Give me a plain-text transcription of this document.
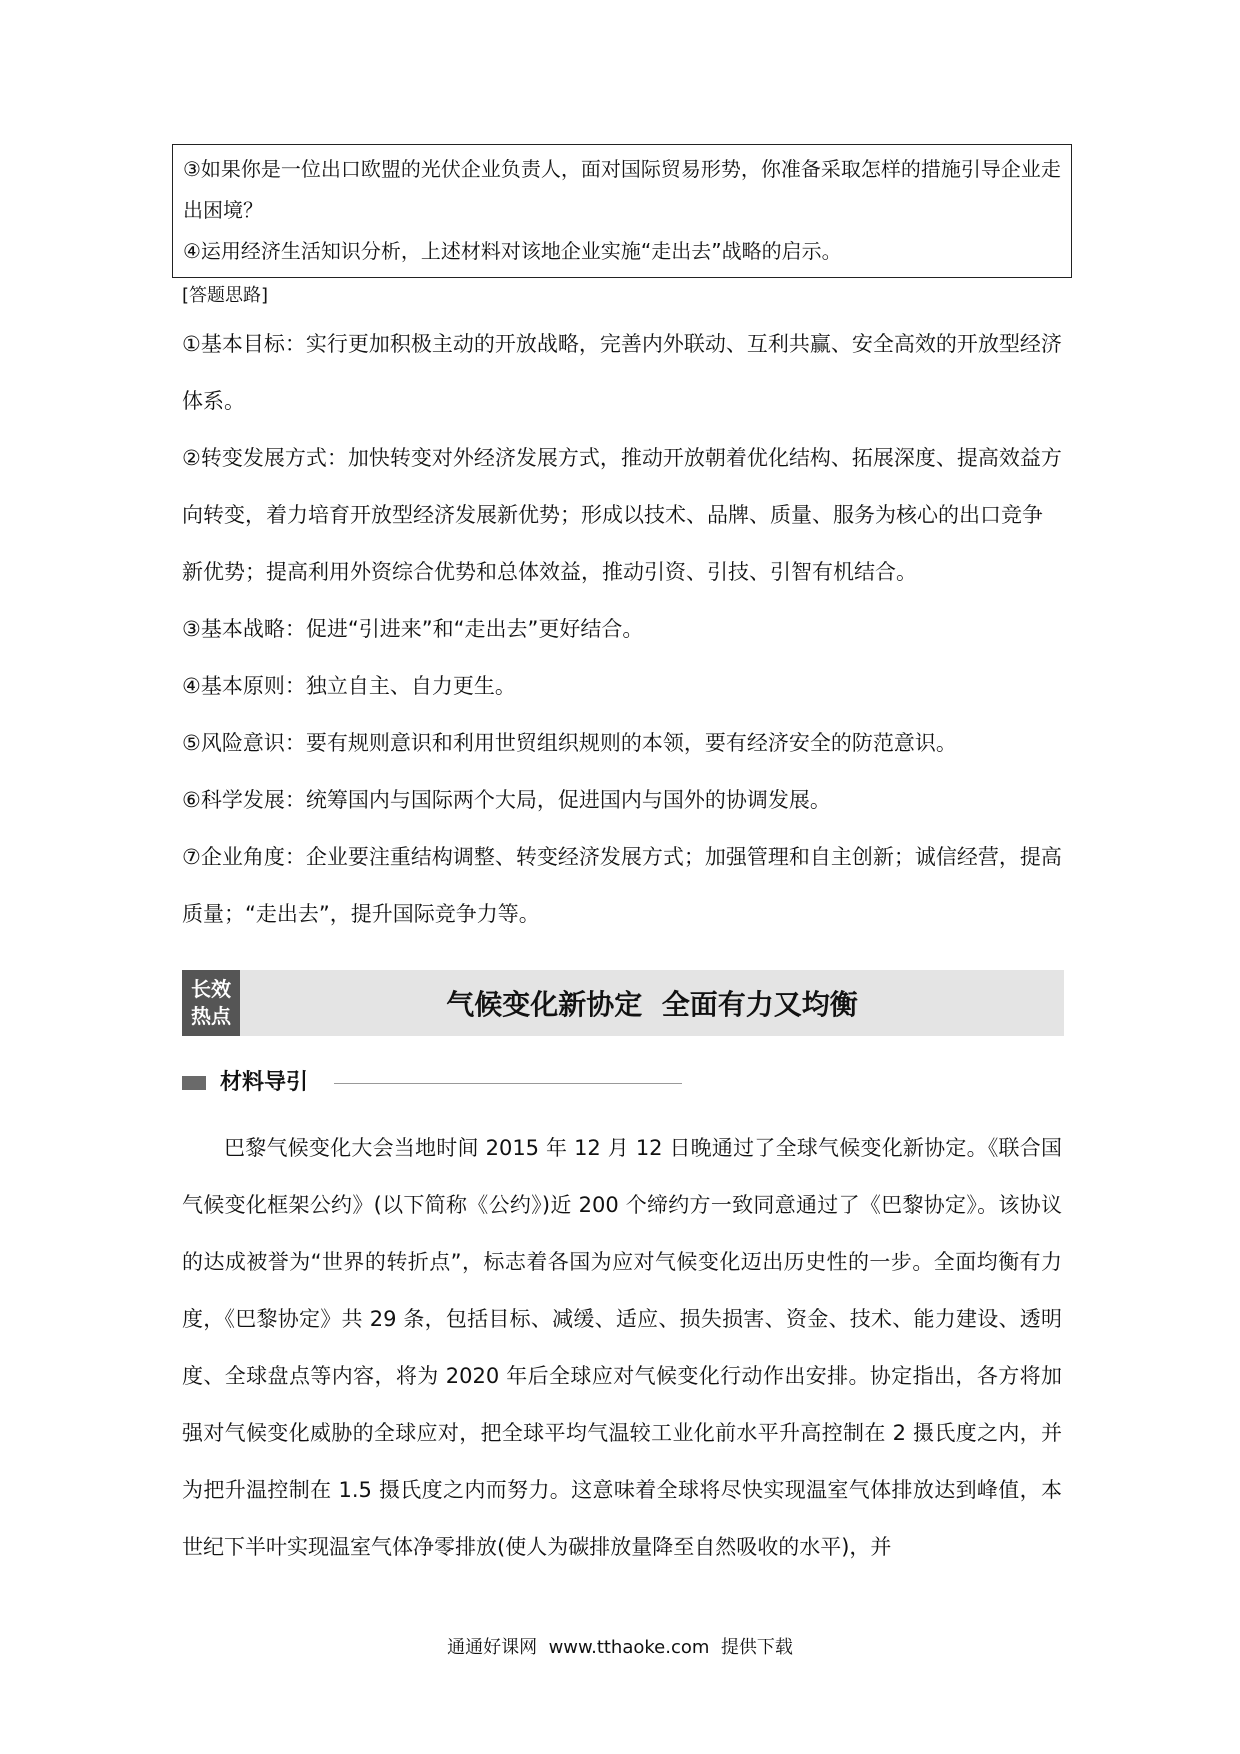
③如果你是一位出口欧盟的光伏企业负责人，面对国际贸易形势，你准备采取怎样的措施引导企业走出困境？

④运用经济生活知识分析，上述材料对该地企业实施“走出去”战略的启示。

[答题思路]

①基本目标：实行更加积极主动的开放战略，完善内外联动、互利共赢、安全高效的开放型经济体系。

②转变发展方式：加快转变对外经济发展方式，推动开放朝着优化结构、拓展深度、提高效益方向转变，着力培育开放型经济发展新优势；形成以技术、品牌、质量、服务为核心的出口竞争新优势；提高利用外资综合优势和总体效益，推动引资、引技、引智有机结合。

③基本战略：促进“引进来”和“走出去”更好结合。

④基本原则：独立自主、自力更生。

⑤风险意识：要有规则意识和利用世贸组织规则的本领，要有经济安全的防范意识。

⑥科学发展：统筹国内与国际两个大局，促进国内与国外的协调发展。

⑦企业角度：企业要注重结构调整、转变经济发展方式；加强管理和自主创新；诚信经营，提高质量；“走出去”，提升国际竞争力等。

长效
热点	气候变化新协定  全面有力又均衡
材料导引

巴黎气候变化大会当地时间 2015 年 12 月 12 日晚通过了全球气候变化新协定。《联合国气候变化框架公约》(以下简称《公约》)近 200 个缔约方一致同意通过了《巴黎协定》。该协议的达成被誉为“世界的转折点”，标志着各国为应对气候变化迈出历史性的一步。全面均衡有力度，《巴黎协定》共 29 条，包括目标、减缓、适应、损失损害、资金、技术、能力建设、透明度、全球盘点等内容，将为 2020 年后全球应对气候变化行动作出安排。协定指出，各方将加强对气候变化威胁的全球应对，把全球平均气温较工业化前水平升高控制在 2 摄氏度之内，并为把升温控制在 1.5 摄氏度之内而努力。这意味着全球将尽快实现温室气体排放达到峰值，本世纪下半叶实现温室气体净零排放(使人为碳排放量降至自然吸收的水平)，并

通通好课网  www.tthaoke.com  提供下载
